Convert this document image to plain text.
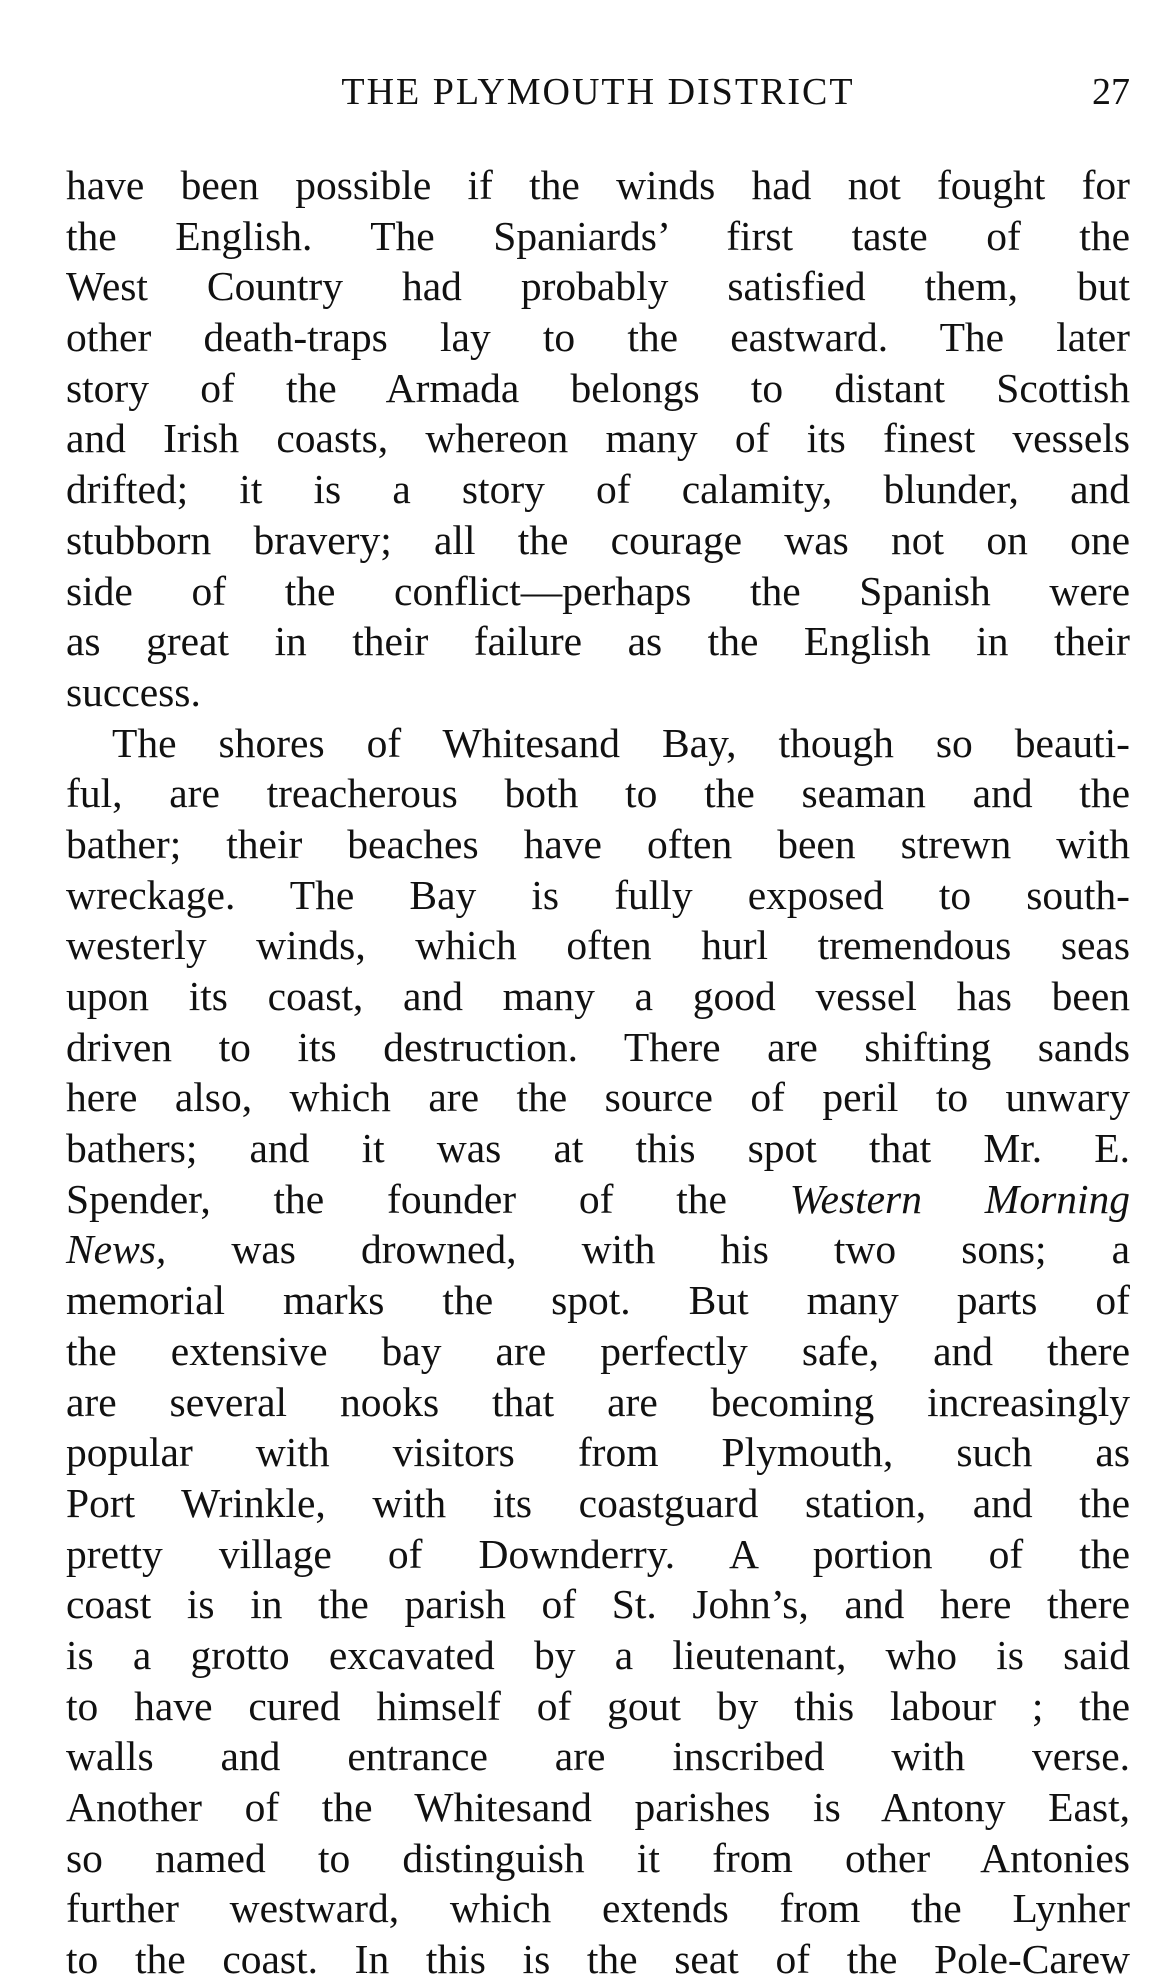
THE PLYMOUTH DISTRICT	27
have been possible if the winds had not fought for
the English. The Spaniards’ first taste of the
West Country had probably satisfied them, but
other death-traps lay to the eastward. The later
story of the Armada belongs to distant Scottish
and Irish coasts, whereon many of its finest vessels
drifted; it is a story of calamity, blunder, and
stubborn bravery; all the courage was not on one
side of the conflict—perhaps the Spanish were
as great in their failure as the English in their
success.
The shores of Whitesand Bay, though so beauti-
ful, are treacherous both to the seaman and the
bather; their beaches have often been strewn with
wreckage. The Bay is fully exposed to south-
westerly winds, which often hurl tremendous seas
upon its coast, and many a good vessel has been
driven to its destruction. There are shifting sands
here also, which are the source of peril to unwary
bathers; and it was at this spot that Mr. E.
Spender, the founder of the Western Morning
News, was drowned, with his two sons; a
memorial marks the spot. But many parts of
the extensive bay are perfectly safe, and there
are several nooks that are becoming increasingly
popular with visitors from Plymouth, such as
Port Wrinkle, with its coastguard station, and the
pretty village of Downderry. A portion of the
coast is in the parish of St. John’s, and here there
is a grotto excavated by a lieutenant, who is said
to have cured himself of gout by this labour ; the
walls and entrance are inscribed with verse.
Another of the Whitesand parishes is Antony East,
so named to distinguish it from other Antonies
further westward, which extends from the Lynher
to the coast. In this is the seat of the Pole-Carew
